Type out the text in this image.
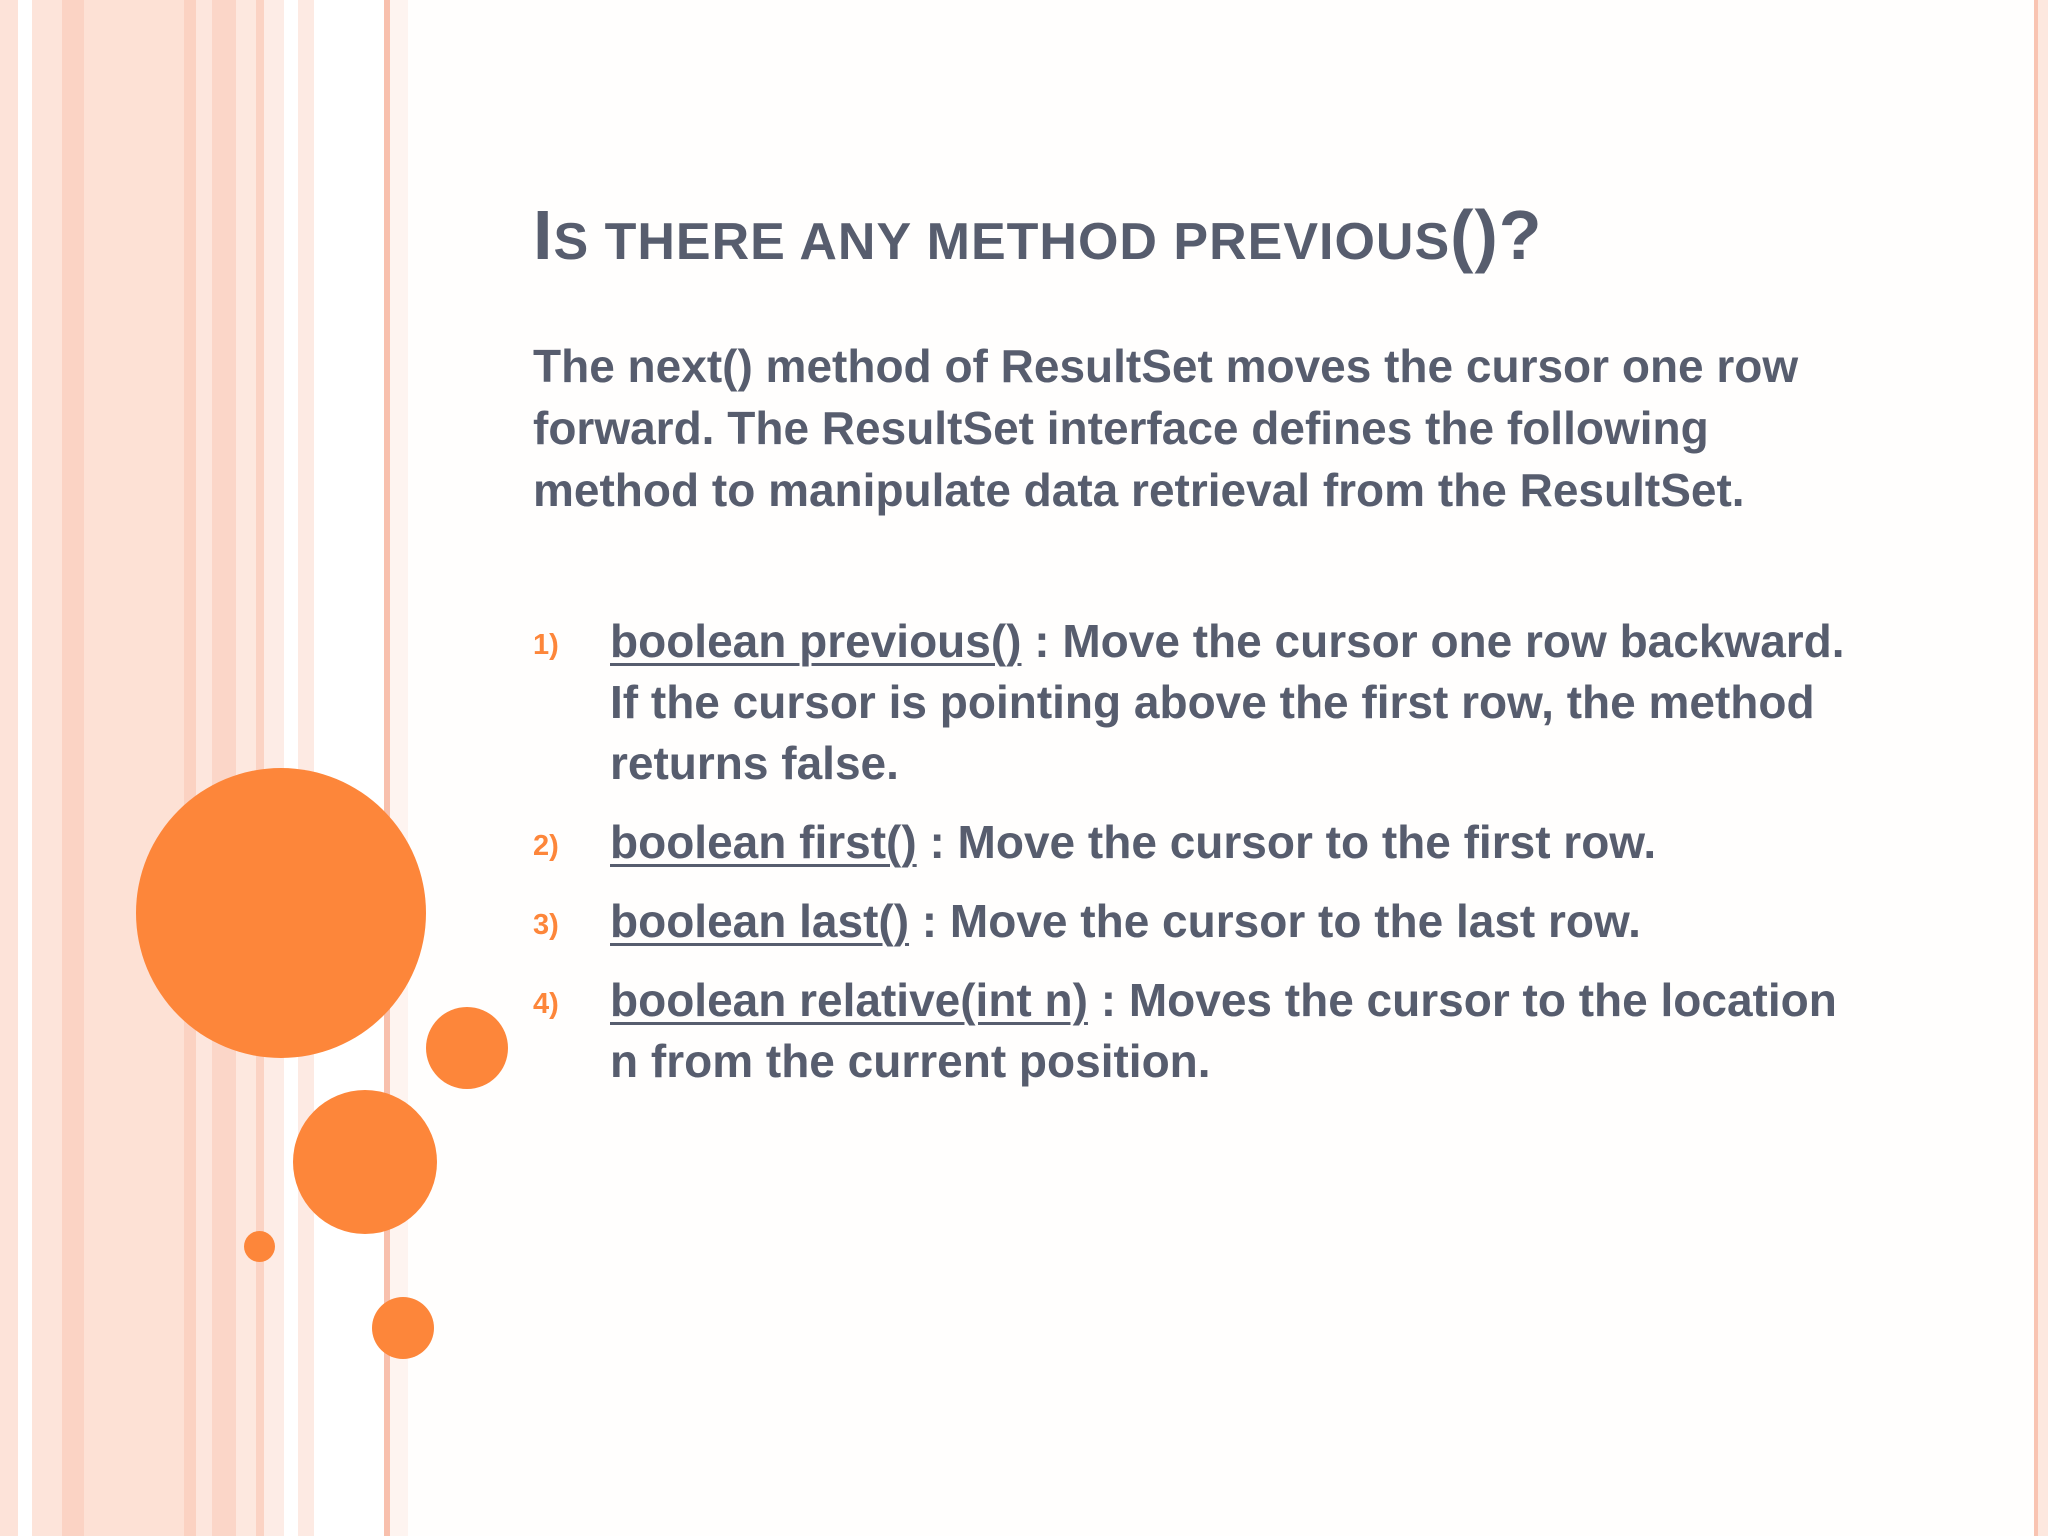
IS THERE ANY METHOD PREVIOUS()?

The next() method of ResultSet moves the cursor one row forward. The ResultSet interface defines the following method to manipulate data retrieval from the ResultSet.

1) boolean previous() : Move the cursor one row backward. If the cursor is pointing above the first row, the method returns false.
2) boolean first() : Move the cursor to the first row.
3) boolean last() : Move the cursor to the last row.
4) boolean relative(int n) : Moves the cursor to the location n from the current position.
